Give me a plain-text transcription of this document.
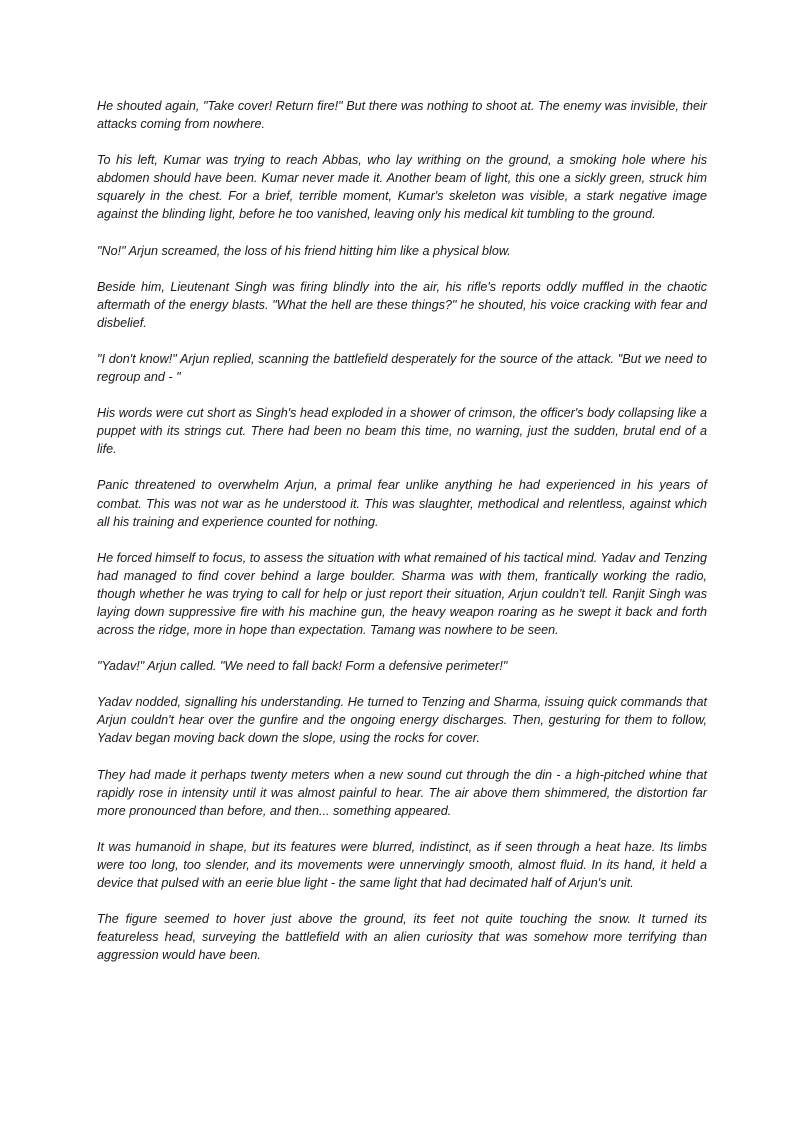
He shouted again, "Take cover! Return fire!" But there was nothing to shoot at. The enemy was invisible, their attacks coming from nowhere.

To his left, Kumar was trying to reach Abbas, who lay writhing on the ground, a smoking hole where his abdomen should have been. Kumar never made it. Another beam of light, this one a sickly green, struck him squarely in the chest. For a brief, terrible moment, Kumar's skeleton was visible, a stark negative image against the blinding light, before he too vanished, leaving only his medical kit tumbling to the ground.

"No!" Arjun screamed, the loss of his friend hitting him like a physical blow.

Beside him, Lieutenant Singh was firing blindly into the air, his rifle's reports oddly muffled in the chaotic aftermath of the energy blasts. "What the hell are these things?" he shouted, his voice cracking with fear and disbelief.

"I don't know!" Arjun replied, scanning the battlefield desperately for the source of the attack. "But we need to regroup and - "

His words were cut short as Singh's head exploded in a shower of crimson, the officer's body collapsing like a puppet with its strings cut. There had been no beam this time, no warning, just the sudden, brutal end of a life.

Panic threatened to overwhelm Arjun, a primal fear unlike anything he had experienced in his years of combat. This was not war as he understood it. This was slaughter, methodical and relentless, against which all his training and experience counted for nothing.

He forced himself to focus, to assess the situation with what remained of his tactical mind. Yadav and Tenzing had managed to find cover behind a large boulder. Sharma was with them, frantically working the radio, though whether he was trying to call for help or just report their situation, Arjun couldn't tell. Ranjit Singh was laying down suppressive fire with his machine gun, the heavy weapon roaring as he swept it back and forth across the ridge, more in hope than expectation. Tamang was nowhere to be seen.

"Yadav!" Arjun called. "We need to fall back! Form a defensive perimeter!"

Yadav nodded, signalling his understanding. He turned to Tenzing and Sharma, issuing quick commands that Arjun couldn't hear over the gunfire and the ongoing energy discharges. Then, gesturing for them to follow, Yadav began moving back down the slope, using the rocks for cover.

They had made it perhaps twenty meters when a new sound cut through the din - a high-pitched whine that rapidly rose in intensity until it was almost painful to hear. The air above them shimmered, the distortion far more pronounced than before, and then... something appeared.

It was humanoid in shape, but its features were blurred, indistinct, as if seen through a heat haze. Its limbs were too long, too slender, and its movements were unnervingly smooth, almost fluid. In its hand, it held a device that pulsed with an eerie blue light - the same light that had decimated half of Arjun's unit.

The figure seemed to hover just above the ground, its feet not quite touching the snow. It turned its featureless head, surveying the battlefield with an alien curiosity that was somehow more terrifying than aggression would have been.
